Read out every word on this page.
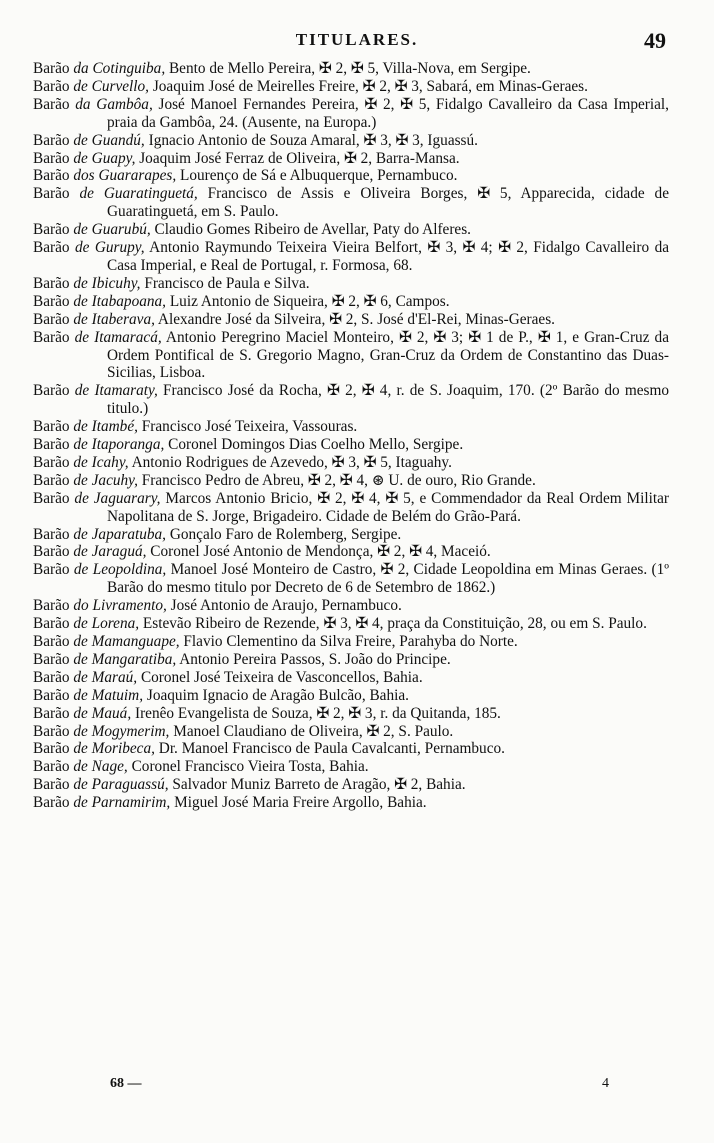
TITULARES.	49

Barão da Cotinguiba, Bento de Mello Pereira, ✠ 2, ✠ 5, Villa-Nova, em Sergipe.

Barão de Curvello, Joaquim José de Meirelles Freire, ✠ 2, ✠ 3, Sabará, em Minas-Geraes.

Barão da Gambôa, José Manoel Fernandes Pereira, ✠ 2, ✠ 5, Fidalgo Cavalleiro da Casa Imperial, praia da Gambôa, 24. (Ausente, na Europa.)

Barão de Guandú, Ignacio Antonio de Souza Amaral, ✠ 3, ✠ 3, Iguassú.

Barão de Guapy, Joaquim José Ferraz de Oliveira, ✠ 2, Barra-Mansa.

Barão dos Guararapes, Lourenço de Sá e Albuquerque, Pernambuco.

Barão de Guaratinguetá, Francisco de Assis e Oliveira Borges, ✠ 5, Apparecida, cidade de Guaratinguetá, em S. Paulo.

Barão de Guarubú, Claudio Gomes Ribeiro de Avellar, Paty do Alferes.

Barão de Gurupy, Antonio Raymundo Teixeira Vieira Belfort, ✠ 3, ✠ 4; ✠ 2, Fidalgo Cavalleiro da Casa Imperial, e Real de Portugal, r. Formosa, 68.

Barão de Ibicuhy, Francisco de Paula e Silva.

Barão de Itabapoana, Luiz Antonio de Siqueira, ✠ 2, ✠ 6, Campos.

Barão de Itaberava, Alexandre José da Silveira, ✠ 2, S. José d'El-Rei, Minas-Geraes.

Barão de Itamaracá, Antonio Peregrino Maciel Monteiro, ✠ 2, ✠ 3; ✠ 1 de P., ✠ 1, e Gran-Cruz da Ordem Pontifical de S. Gregorio Magno, Gran-Cruz da Ordem de Constantino das Duas-Sicilias, Lisboa.

Barão de Itamaraty, Francisco José da Rocha, ✠ 2, ✠ 4, r. de S. Joaquim, 170. (2º Barão do mesmo titulo.)

Barão de Itambé, Francisco José Teixeira, Vassouras.

Barão de Itaporanga, Coronel Domingos Dias Coelho Mello, Sergipe.

Barão de Icahy, Antonio Rodrigues de Azevedo, ✠ 3, ✠ 5, Itaguahy.

Barão de Jacuhy, Francisco Pedro de Abreu, ✠ 2, ✠ 4, ⊛ U. de ouro, Rio Grande.

Barão de Jaguarary, Marcos Antonio Bricio, ✠ 2, ✠ 4, ✠ 5, e Commendador da Real Ordem Militar Napolitana de S. Jorge, Brigadeiro. Cidade de Belém do Grão-Pará.

Barão de Japaratuba, Gonçalo Faro de Rolemberg, Sergipe.

Barão de Jaraguá, Coronel José Antonio de Mendonça, ✠ 2, ✠ 4, Maceió.

Barão de Leopoldina, Manoel José Monteiro de Castro, ✠ 2, Cidade Leopoldina em Minas Geraes. (1º Barão do mesmo titulo por Decreto de 6 de Setembro de 1862.)

Barão do Livramento, José Antonio de Araujo, Pernambuco.

Barão de Lorena, Estevão Ribeiro de Rezende, ✠ 3, ✠ 4, praça da Constituição, 28, ou em S. Paulo.

Barão de Mamanguape, Flavio Clementino da Silva Freire, Parahyba do Norte.

Barão de Mangaratiba, Antonio Pereira Passos, S. João do Principe.

Barão de Maraú, Coronel José Teixeira de Vasconcellos, Bahia.

Barão de Matuim, Joaquim Ignacio de Aragão Bulcão, Bahia.

Barão de Mauá, Irenêo Evangelista de Souza, ✠ 2, ✠ 3, r. da Quitanda, 185.

Barão de Mogymerim, Manoel Claudiano de Oliveira, ✠ 2, S. Paulo.

Barão de Moribeca, Dr. Manoel Francisco de Paula Cavalcanti, Pernambuco.

Barão de Nage, Coronel Francisco Vieira Tosta, Bahia.

Barão de Paraguassú, Salvador Muniz Barreto de Aragão, ✠ 2, Bahia.

Barão de Parnamirim, Miguel José Maria Freire Argollo, Bahia.

68 —	4
